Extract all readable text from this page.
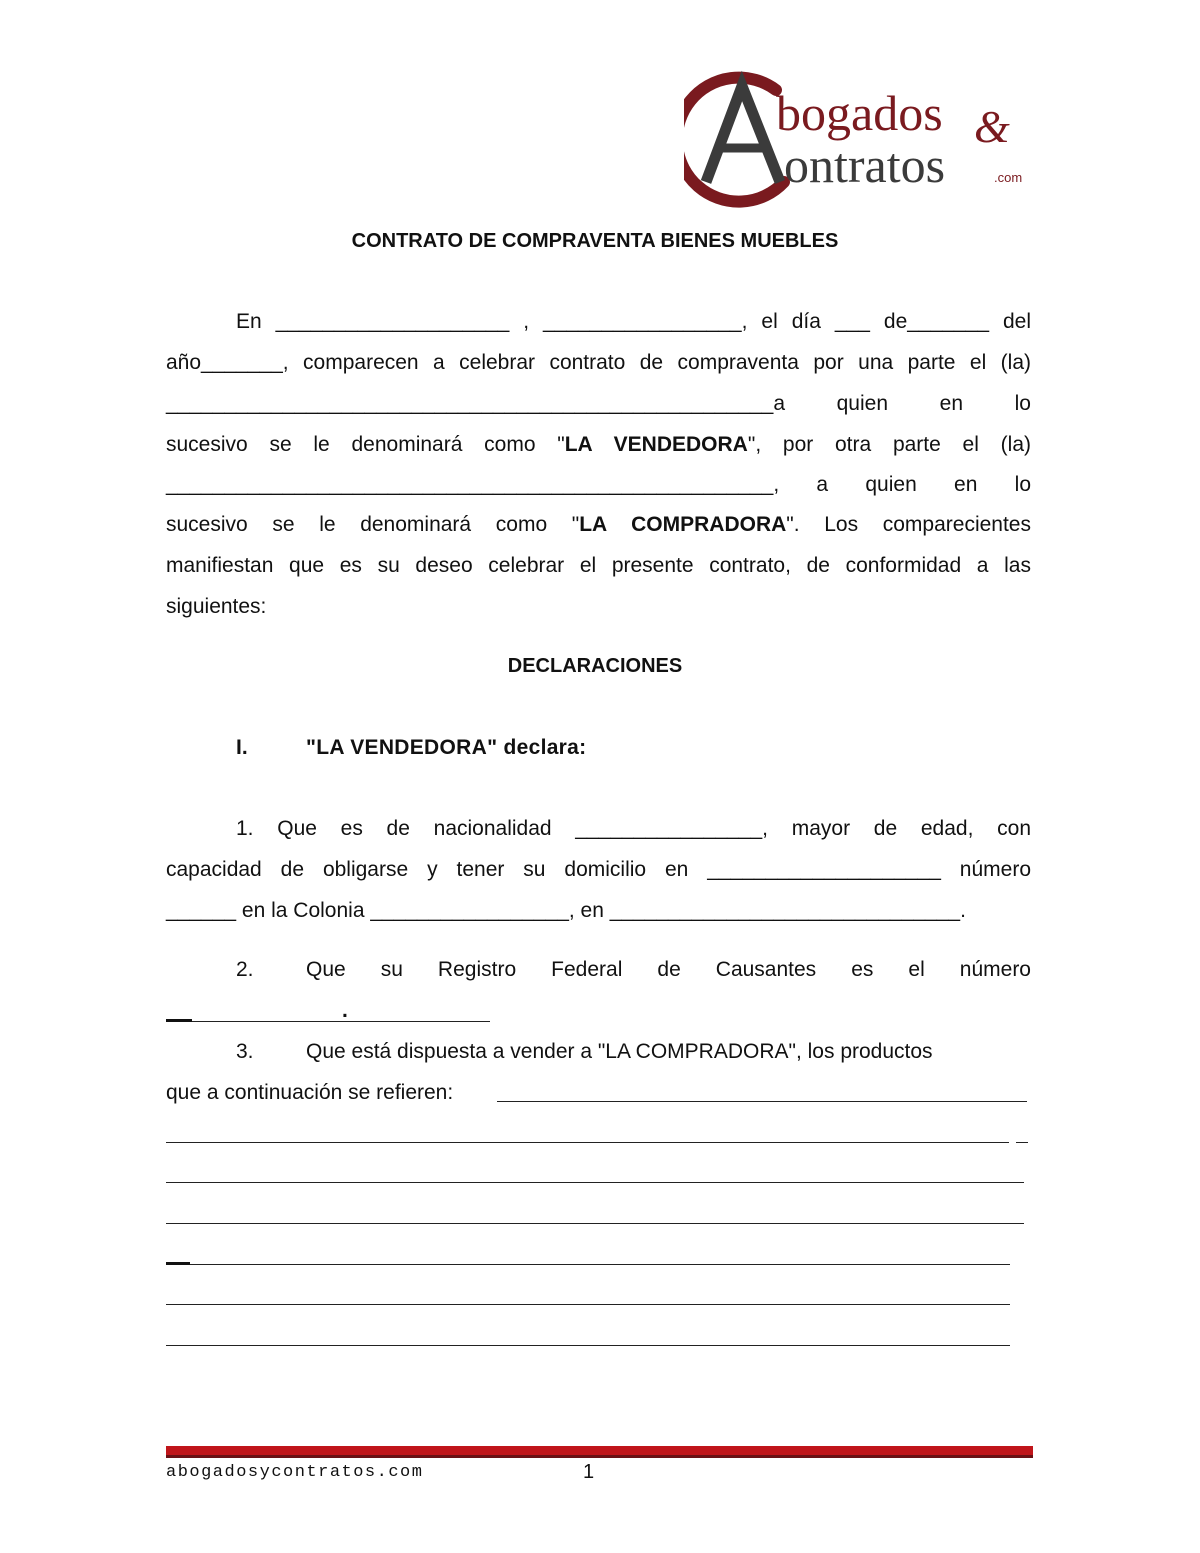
bogados &
ontratos	.com
CONTRATO DE COMPRAVENTA BIENES MUEBLES
En ____________________ , _________________, el día ___ de_______ del
año_______, comparecen a celebrar contrato de compraventa por una parte el (la)
____________________________________________________a quien en lo
sucesivo se le denominará como "LA VENDEDORA", por otra parte el (la)
____________________________________________________, a quien en lo
sucesivo se le denominará como "LA COMPRADORA". Los comparecientes
manifiestan que es su deseo celebrar el presente contrato, de conformidad a las
siguientes:
DECLARACIONES
I.	"LA VENDEDORA" declara:
1. Que es de nacionalidad ________________, mayor de edad, con
capacidad de obligarse y tener su domicilio en ____________________ número
______ en la Colonia _________________, en ______________________________.
2. Que su Registro Federal de Causantes es el número
.
3. Que está dispuesta a vender a "LA COMPRADORA", los productos
que a continuación se refieren:
abogadosycontratos.com	1
